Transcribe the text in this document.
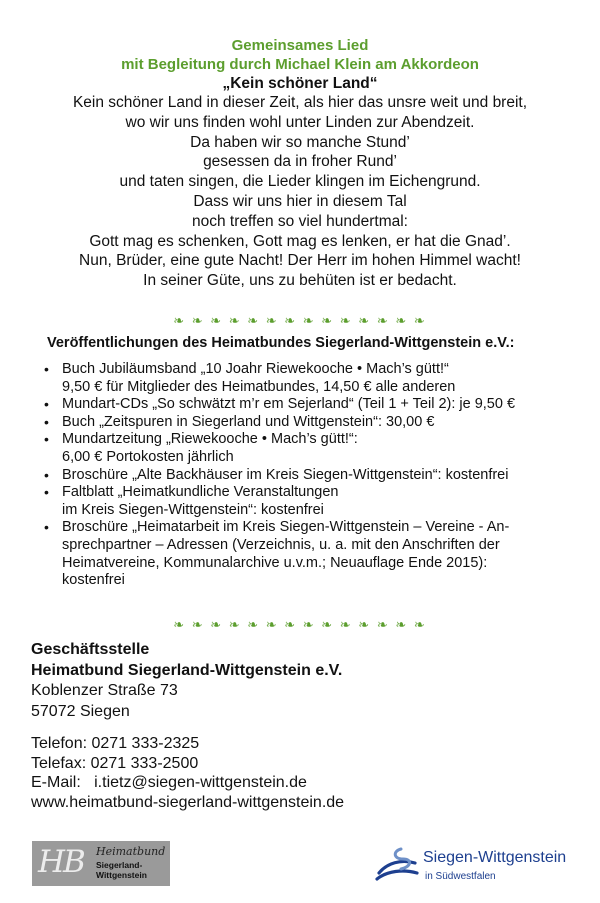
Gemeinsames Lied
mit Begleitung durch Michael Klein am Akkordeon
„Kein schöner Land“
Kein schöner Land in dieser Zeit, als hier das unsre weit und breit,
wo wir uns finden wohl unter Linden zur Abendzeit.
Da haben wir so manche Stund’
gesessen da in froher Rund’
und taten singen, die Lieder klingen im Eichengrund.
Dass wir uns hier in diesem Tal
noch treffen so viel hundertmal:
Gott mag es schenken, Gott mag es lenken, er hat die Gnad’.
Nun, Brüder, eine gute Nacht! Der Herr im hohen Himmel wacht!
In seiner Güte, uns zu behüten ist er bedacht.
❧ ❧ ❧ ❧ ❧ ❧ ❧ ❧ ❧ ❧ ❧ ❧ ❧ ❧
Veröffentlichungen des Heimatbundes Siegerland-Wittgenstein e.V.:
• Buch Jubiläumsband „10 Joahr Riewekooche • Mach’s gütt!“
9,50 € für Mitglieder des Heimatbundes, 14,50 € alle anderen
• Mundart-CDs „So schwätzt m’r em Sejerland“ (Teil 1 + Teil 2): je 9,50 €
• Buch „Zeitspuren in Siegerland und Wittgenstein“: 30,00 €
• Mundartzeitung „Riewekooche • Mach’s gütt!“:
6,00 € Portokosten jährlich
• Broschüre „Alte Backhäuser im Kreis Siegen-Wittgenstein“: kostenfrei
• Faltblatt „Heimatkundliche Veranstaltungen
im Kreis Siegen-Wittgenstein“: kostenfrei
• Broschüre „Heimatarbeit im Kreis Siegen-Wittgenstein – Vereine - An-
sprechpartner – Adressen (Verzeichnis, u. a. mit den Anschriften der
Heimatvereine, Kommunalarchive u.v.m.; Neuauflage Ende 2015):
kostenfrei
❧ ❧ ❧ ❧ ❧ ❧ ❧ ❧ ❧ ❧ ❧ ❧ ❧ ❧
Geschäftsstelle
Heimatbund Siegerland-Wittgenstein e.V.
Koblenzer Straße 73
57072 Siegen
Telefon: 0271 333-2325
Telefax: 0271 333-2500
E-Mail: i.tietz@siegen-wittgenstein.de
www.heimatbund-siegerland-wittgenstein.de
HB Heimatbund
Siegerland-
Wittgenstein
Siegen-Wittgenstein
in Südwestfalen
